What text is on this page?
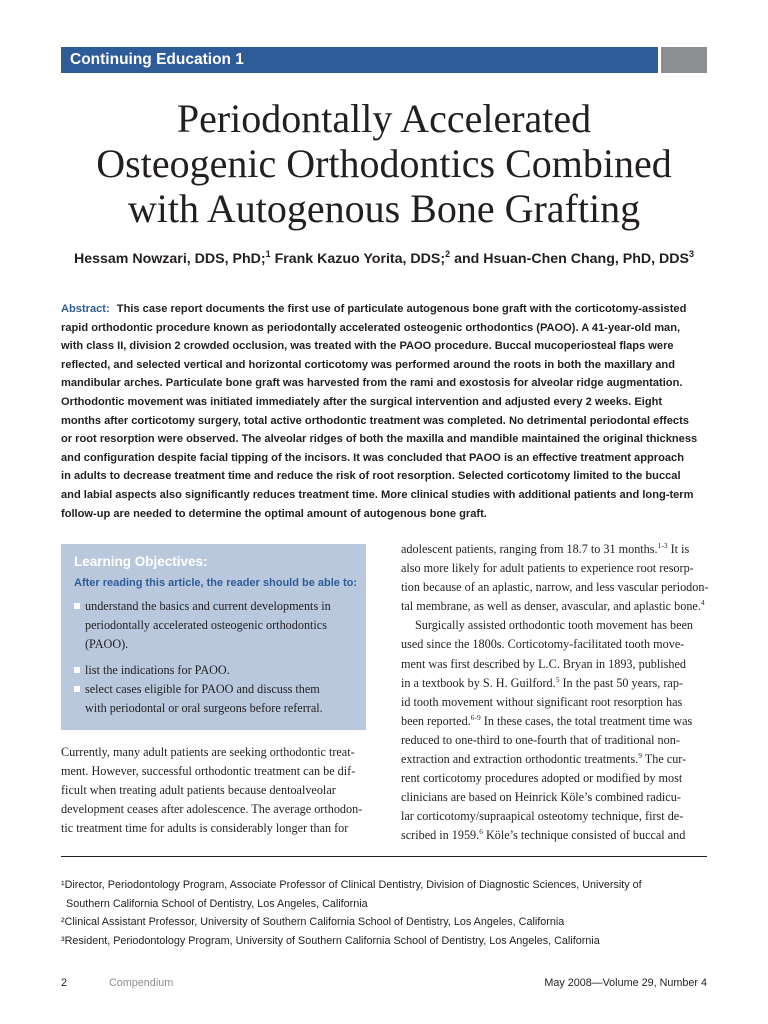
Continuing Education 1
Periodontally Accelerated
Osteogenic Orthodontics Combined
with Autogenous Bone Grafting
Hessam Nowzari, DDS, PhD;$^1$ Frank Kazuo Yorita, DDS;$^2$ and Hsuan-Chen Chang, PhD, DDS$^3$
Abstract: This case report documents the first use of particulate autogenous bone graft with the corticotomy-assisted
rapid orthodontic procedure known as periodontally accelerated osteogenic orthodontics (PAOO). A 41-year-old man,
with class II, division 2 crowded occlusion, was treated with the PAOO procedure. Buccal mucoperiosteal flaps were
reflected, and selected vertical and horizontal corticotomy was performed around the roots in both the maxillary and
mandibular arches. Particulate bone graft was harvested from the rami and exostosis for alveolar ridge augmentation.
Orthodontic movement was initiated immediately after the surgical intervention and adjusted every 2 weeks. Eight
months after corticotomy surgery, total active orthodontic treatment was completed. No detrimental periodontal effects
or root resorption were observed. The alveolar ridges of both the maxilla and mandible maintained the original thickness
and configuration despite facial tipping of the incisors. It was concluded that PAOO is an effective treatment approach
in adults to decrease treatment time and reduce the risk of root resorption. Selected corticotomy limited to the buccal
and labial aspects also significantly reduces treatment time. More clinical studies with additional patients and long-term
follow-up are needed to determine the optimal amount of autogenous bone graft.
Learning Objectives:
After reading this article, the reader should be able to:
understand the basics and current developments in
periodontally accelerated osteogenic orthodontics
(PAOO).
list the indications for PAOO.
select cases eligible for PAOO and discuss them
with periodontal or oral surgeons before referral.
Currently, many adult patients are seeking orthodontic treat-
ment. However, successful orthodontic treatment can be dif-
ficult when treating adult patients because dentoalveolar
development ceases after adolescence. The average orthodon-
tic treatment time for adults is considerably longer than for
adolescent patients, ranging from 18.7 to 31 months.$^{1-3}$ It is
also more likely for adult patients to experience root resorp-
tion because of an aplastic, narrow, and less vascular periodon-
tal membrane, as well as denser, avascular, and aplastic bone.$^4$
Surgically assisted orthodontic tooth movement has been
used since the 1800s. Corticotomy-facilitated tooth move-
ment was first described by L.C. Bryan in 1893, published
in a textbook by S. H. Guilford.$^5$ In the past 50 years, rap-
id tooth movement without significant root resorption has
been reported.$^{6-9}$ In these cases, the total treatment time was
reduced to one-third to one-fourth that of traditional non-
extraction and extraction orthodontic treatments.$^9$ The cur-
rent corticotomy procedures adopted or modified by most
clinicians are based on Heinrick Köle’s combined radicu-
lar corticotomy/supraapical osteotomy technique, first de-
scribed in 1959.$^6$ Köle’s technique consisted of buccal and
¹Director, Periodontology Program, Associate Professor of Clinical Dentistry, Division of Diagnostic Sciences, University of
Southern California School of Dentistry, Los Angeles, California
²Clinical Assistant Professor, University of Southern California School of Dentistry, Los Angeles, California
³Resident, Periodontology Program, University of Southern California School of Dentistry, Los Angeles, California
2	Compendium	May 2008—Volume 29, Number 4
